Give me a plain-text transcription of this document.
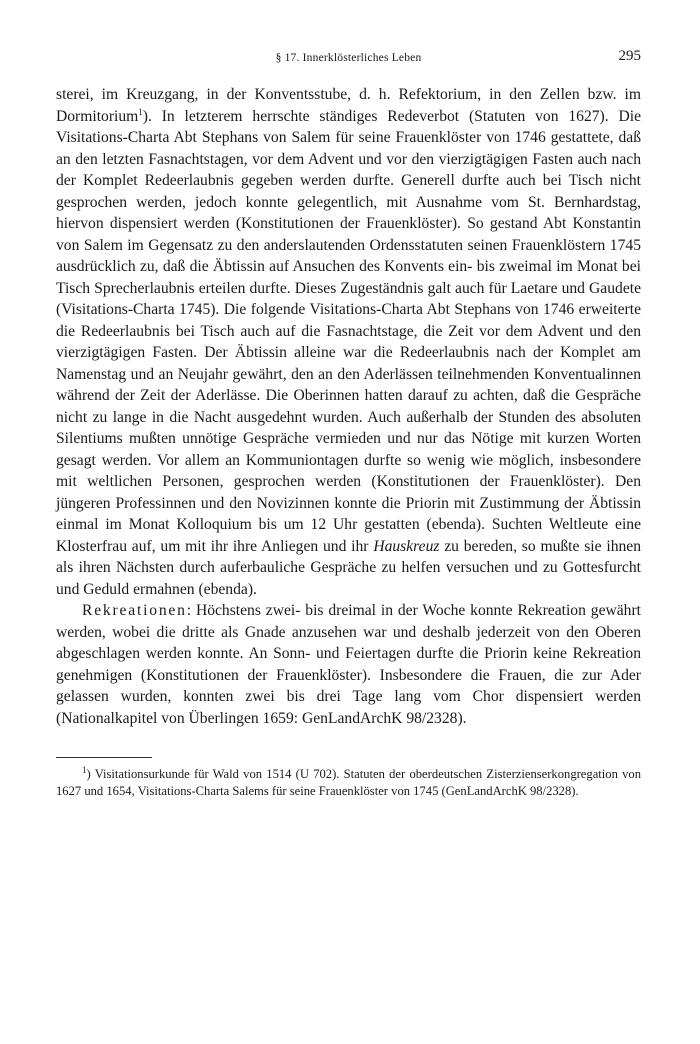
§ 17. Innerklösterliches Leben	295

sterei, im Kreuzgang, in der Konventsstube, d. h. Refektorium, in den Zellen bzw. im Dormitorium$^1$). In letzterem herrschte ständiges Redeverbot (Statuten von 1627). Die Visitations-Charta Abt Stephans von Salem für seine Frauenklöster von 1746 gestattete, daß an den letzten Fasnachtstagen, vor dem Advent und vor den vierzigtägigen Fasten auch nach der Komplet Redeerlaubnis gegeben werden durfte. Generell durfte auch bei Tisch nicht gesprochen werden, jedoch konnte gelegentlich, mit Ausnahme vom St. Bernhardstag, hiervon dispensiert werden (Konstitutionen der Frauenklöster). So gestand Abt Konstantin von Salem im Gegensatz zu den anderslautenden Ordensstatuten seinen Frauenklöstern 1745 ausdrücklich zu, daß die Äbtissin auf Ansuchen des Konvents ein- bis zweimal im Monat bei Tisch Sprecherlaubnis erteilen durfte. Dieses Zugeständnis galt auch für Laetare und Gaudete (Visitations-Charta 1745). Die folgende Visitations-Charta Abt Stephans von 1746 erweiterte die Redeerlaubnis bei Tisch auch auf die Fasnachtstage, die Zeit vor dem Advent und den vierzigtägigen Fasten. Der Äbtissin alleine war die Redeerlaubnis nach der Komplet am Namenstag und an Neujahr gewährt, den an den Aderlässen teilnehmenden Konventualinnen während der Zeit der Aderlässe. Die Oberinnen hatten darauf zu achten, daß die Gespräche nicht zu lange in die Nacht ausgedehnt wurden. Auch außerhalb der Stunden des absoluten Silentiums mußten unnötige Gespräche vermieden und nur das Nötige mit kurzen Worten gesagt werden. Vor allem an Kommuniontagen durfte so wenig wie möglich, insbesondere mit weltlichen Personen, gesprochen werden (Konstitutionen der Frauenklöster). Den jüngeren Professinnen und den Novizinnen konnte die Priorin mit Zustimmung der Äbtissin einmal im Monat Kolloquium bis um 12 Uhr gestatten (ebenda). Suchten Weltleute eine Klosterfrau auf, um mit ihr ihre Anliegen und ihr Hauskreuz zu bereden, so mußte sie ihnen als ihren Nächsten durch auferbauliche Gespräche zu helfen versuchen und zu Gottesfurcht und Geduld ermahnen (ebenda).

Rekreationen: Höchstens zwei- bis dreimal in der Woche konnte Rekreation gewährt werden, wobei die dritte als Gnade anzusehen war und deshalb jederzeit von den Oberen abgeschlagen werden konnte. An Sonn- und Feiertagen durfte die Priorin keine Rekreation genehmigen (Konstitutionen der Frauenklöster). Insbesondere die Frauen, die zur Ader gelassen wurden, konnten zwei bis drei Tage lang vom Chor dispensiert werden (Nationalkapitel von Überlingen 1659: GenLandArchK 98/2328).

$^1$) Visitationsurkunde für Wald von 1514 (U 702). Statuten der oberdeutschen Zisterzienserkongregation von 1627 und 1654, Visitations-Charta Salems für seine Frauenklöster von 1745 (GenLandArchK 98/2328).
